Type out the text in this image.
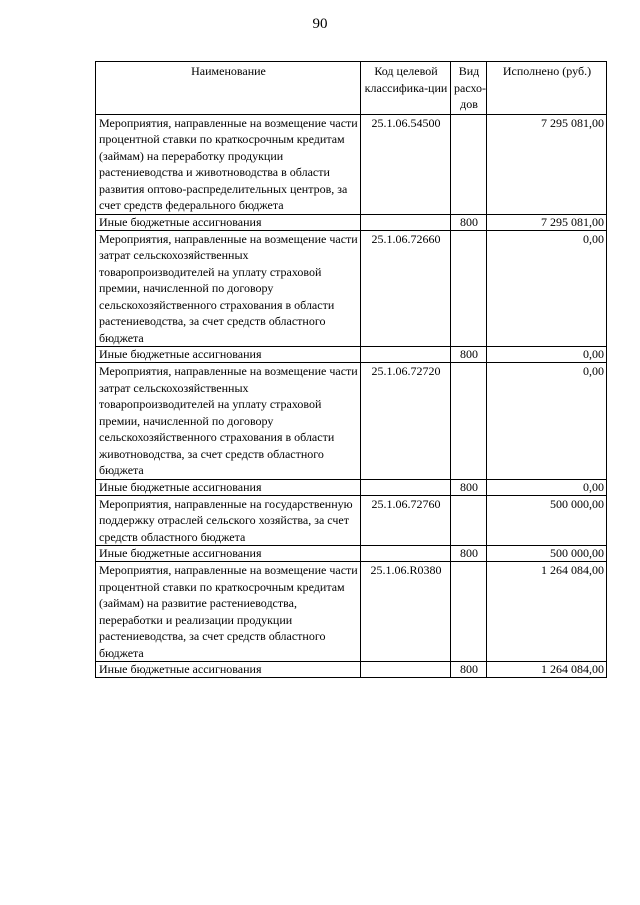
90
Наименование	Код целевой классифика-ции	Вид расхо-дов	Исполнено (руб.)
Мероприятия, направленные на возмещение части процентной ставки по краткосрочным кредитам (займам) на переработку продукции растениеводства и животноводства в области развития оптово-распределительных центров, за счет средств федерального бюджета	25.1.06.54500		7 295 081,00
Иные бюджетные ассигнования		800	7 295 081,00
Мероприятия, направленные на возмещение части затрат сельскохозяйственных товаропроизводителей на уплату страховой премии, начисленной по договору сельскохозяйственного страхования в области растениеводства, за счет средств областного бюджета	25.1.06.72660		0,00
Иные бюджетные ассигнования		800	0,00
Мероприятия, направленные на возмещение части затрат сельскохозяйственных товаропроизводителей на уплату страховой премии, начисленной по договору сельскохозяйственного страхования в области животноводства, за счет средств областного бюджета	25.1.06.72720		0,00
Иные бюджетные ассигнования		800	0,00
Мероприятия, направленные на государственную поддержку отраслей сельского хозяйства, за счет средств областного бюджета	25.1.06.72760		500 000,00
Иные бюджетные ассигнования		800	500 000,00
Мероприятия, направленные на возмещение части процентной ставки по краткосрочным кредитам (займам) на развитие растениеводства, переработки и реализации продукции растениеводства, за счет средств областного бюджета	25.1.06.R0380		1 264 084,00
Иные бюджетные ассигнования		800	1 264 084,00
